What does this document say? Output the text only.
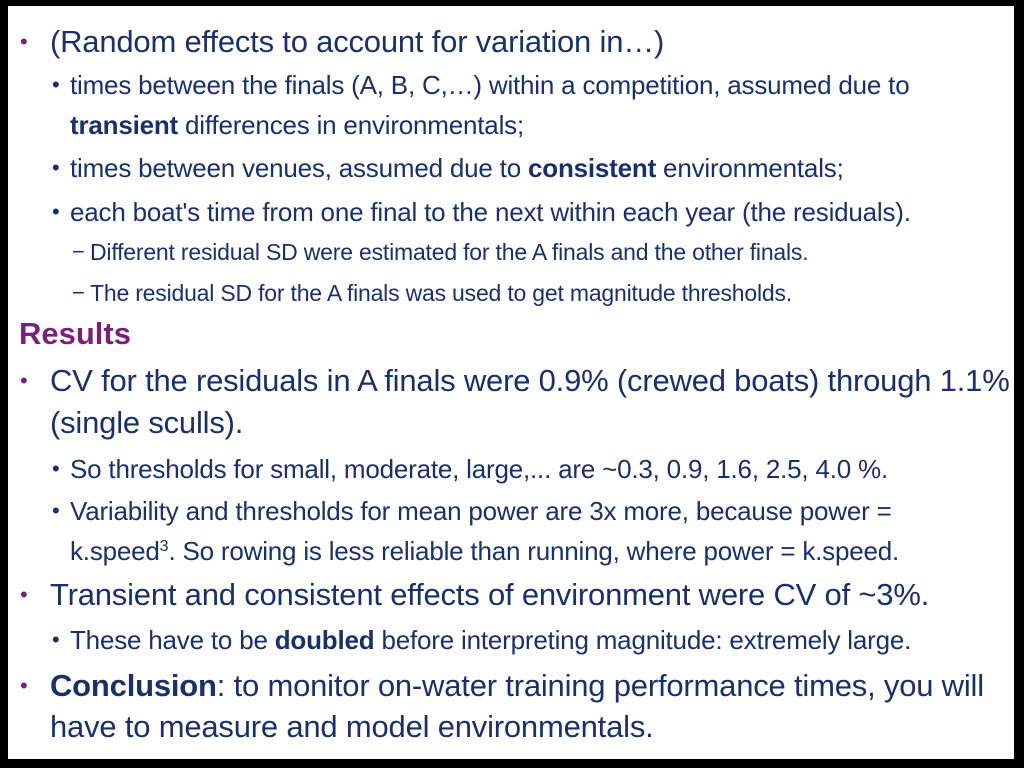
• (Random effects to account for variation in…)
• times between the finals (A, B, C,…) within a competition, assumed due to
transient differences in environmentals;
• times between venues, assumed due to consistent environmentals;
• each boat's time from one final to the next within each year (the residuals).
− Different residual SD were estimated for the A finals and the other finals.
− The residual SD for the A finals was used to get magnitude thresholds.
Results
• CV for the residuals in A finals were 0.9% (crewed boats) through 1.1%
(single sculls).
• So thresholds for small, moderate, large,... are ~0.3, 0.9, 1.6, 2.5, 4.0 %.
• Variability and thresholds for mean power are 3x more, because power =
k.speed$^3$. So rowing is less reliable than running, where power = k.speed.
• Transient and consistent effects of environment were CV of ~3%.
• These have to be doubled before interpreting magnitude: extremely large.
• Conclusion: to monitor on-water training performance times, you will
have to measure and model environmentals.
